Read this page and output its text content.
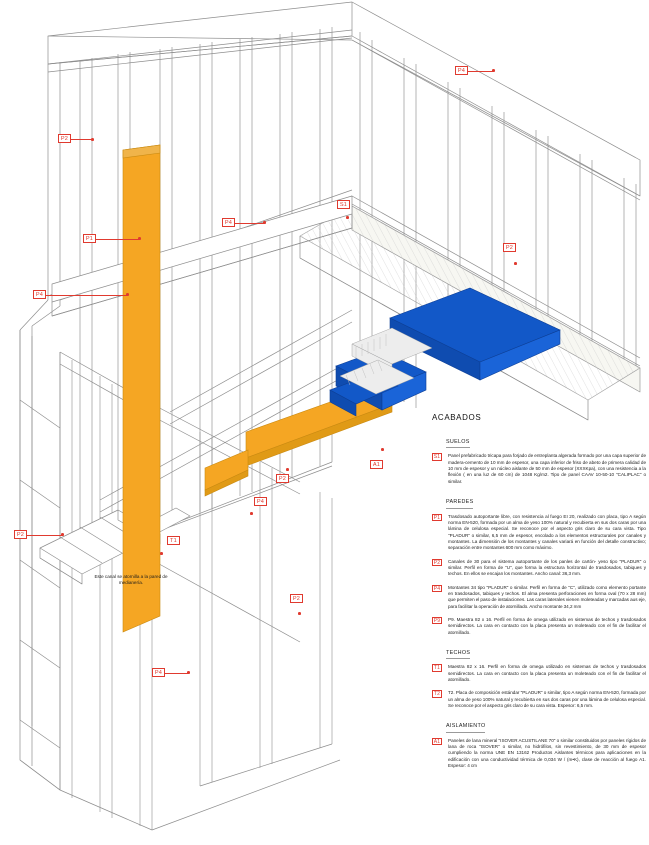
P4
P2
P4
S1
P1
P2
P4
A1
P2
P4
T1
P2
P2
P4
Este canal se atornilla a la pared de medianería.
ACABADOS
SUELOS
S1	Panel prefabricado tricapa para forjado de entreplanta algerada formado por una capa superior de madera-cemento de 10 mm de espesor, una capa inferior de friso de abeto de primera calidad de 10 mm de espesor y un núcleo aislante de 50 mm de espesor (XXXKpa), con una resistencia a la flexión ( en una luz de 60 cm) de 1048 Kg/m2. Tipo de panel CAAV 10-50-10 "CALIPLAC" o similar.
PAREDES
P1	Trasdosado autoportante libre, con resistencia al fuego EI 20, realizado con placa, tipo A según norma EN-520, formada por un alma de yeso 100% natural y recubierta en sus dos caras por una lámina de celulosa especial. Se reconoce por el aspecto gris claro de su cara vista. Tipo "PLADUR" o similar, 6,5 mm de espesor, encolado a los elementos estructurales por canales y montantes. La dimensión de los montantes y canales variará en función del detalle constructivo; separación entre montantes 600 mm como máximo.
P2	Canales de 30 para el sistema autoportante de los panles de cartón- yeso tipo "PLADUR" o similar. Perfil en forma de "U", que forma la estructura horizontal de trasdosados, tabiques y techos. En ellos se encajan los montantes. Ancho canal: 36,3 mm.
P4	Montantes 34 tipo "PLADUR" o similar. Perfil en forma de "C", utilizado como elemento portante en trasdosados, tabiques y techos. El alma presenta perforaciones en forma oval (70 x 28 mm) que permiten el paso de instalaciones. Las caras laterales vienen moleteadas y marcadas aus eje, para facilitar la operación de atornillado. Ancho montante 34,2 mm
P9	P9. Maestra 82 x 16. Perfil en forma de omega utilizado en sistemas de techos y trasdosados semidirectos. La cara en contacto con la placa presenta un moleteado con el fin de facilitar el atornillado.
TECHOS
T1	Maestra 82 x 16. Perfil en forma de omega utilizado en sistemas de techos y trasdosados semidirectos. La cara en contacto con la placa presenta un moleteado con el fin de facilitar el atornillado.
T2	T2. Placa de composición estándar "PLADUR" o similar, tipo A según norma EN-520, formada por un alma de yeso 100% natural y recubierta en sus dos caras por una lámina de celulosa especial. Se reconoce por el aspecto gris claro de su cara vista. Espesor: 6,5 mm.
AISLAMIENTO
A1	Paneles de lana mineral "ISOVER ACUSTILANE 70" o similar constituidos por paneles rígidos de lana de roca "ISOVER" o similar, no hidrófilos, sin revestimiento, de 30 mm de espesor cumpliendo la norma UNE EN 13162 Productos Aislantes térmicos para aplicaciones en la edificación con una conductividad térmica de 0,034 W / (m•K), clase de reacción al fuego A1. Espesor: 4 cm
